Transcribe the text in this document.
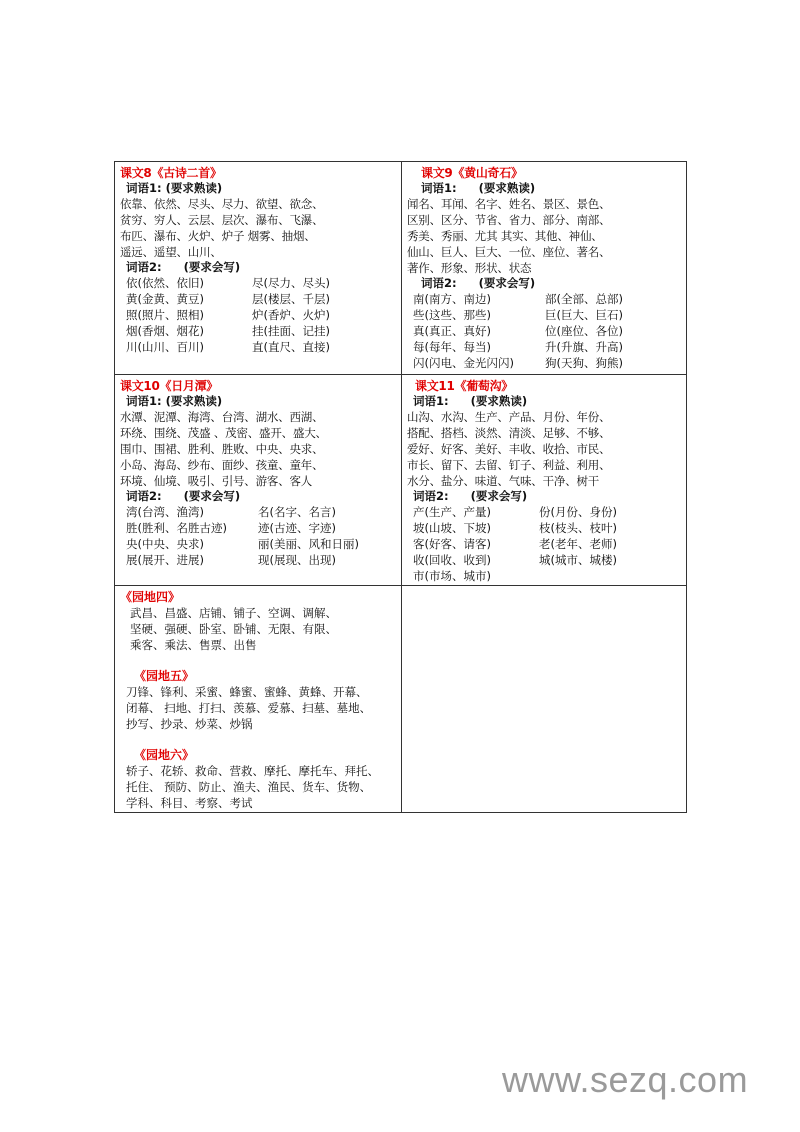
课文8《古诗二首》
词语1: (要求熟读)
依靠、依然、尽头、尽力、欲望、欲念、
贫穷、穷人、云层、层次、瀑布、飞瀑、
布匹、瀑布、火炉、炉子 烟雾、抽烟、
遥远、遥望、山川、
词语2: (要求会写)
依(依然、依旧)	尽(尽力、尽头)
黄(金黄、黄豆)	层(楼层、千层)
照(照片、照相)	炉(香炉、火炉)
烟(香烟、烟花)	挂(挂面、记挂)
川(山川、百川)	直(直尺、直接)
课文9《黄山奇石》
词语1: (要求熟读)
闻名、耳闻、名字、姓名、景区、景色、
区别、区分、节省、省力、部分、南部、
秀美、秀丽、尤其 其实、其他、神仙、
仙山、巨人、巨大、一位、座位、著名、
著作、形象、形状、状态
词语2: (要求会写)
南(南方、南边)	部(全部、总部)
些(这些、那些)	巨(巨大、巨石)
真(真正、真好)	位(座位、各位)
每(每年、每当)	升(升旗、升高)
闪(闪电、金光闪闪)	狗(天狗、狗熊)
课文10《日月潭》
词语1: (要求熟读)
水潭、泥潭、海湾、台湾、湖水、西湖、
环绕、围绕、茂盛 、茂密、盛开、盛大、
围巾、围裙、胜利、胜败、中央、央求、
小岛、海岛、纱布、面纱、孩童、童年、
环境、仙境、吸引、引号、游客、客人
词语2: (要求会写)
湾(台湾、渔湾)	名(名字、名言)
胜(胜利、名胜古迹)	迹(古迹、字迹)
央(中央、央求)	丽(美丽、风和日丽)
展(展开、进展)	现(展现、出现)
课文11《葡萄沟》
词语1: (要求熟读)
山沟、水沟、生产、产品、月份、年份、
搭配、搭档、淡然、清淡、足够、不够、
爱好、好客、美好、丰收、收拾、市民、
市长、留下、去留、钉子、利益、利用、
水分、盐分、味道、气味、干净、树干
词语2: (要求会写)
产(生产、产量)	份(月份、身份)
坡(山坡、下坡)	枝(枝头、枝叶)
客(好客、请客)	老(老年、老师)
收(回收、收到)	城(城市、城楼)
市(市场、城市)
《园地四》
武昌、昌盛、店铺、铺子、空调、调解、
坚硬、强硬、卧室、卧铺、无限、有限、
乘客、乘法、售票、出售
《园地五》
刀锋、锋利、采蜜、蜂蜜、蜜蜂、黄蜂、开幕、
闭幕、 扫地、打扫、羡慕、爱慕、扫墓、墓地、
抄写、抄录、炒菜、炒锅
《园地六》
轿子、花轿、救命、营救、摩托、摩托车、拜托、
托住、 预防、防止、渔夫、渔民、货车、货物、
学科、科目、考察、考试
www.sezq.com
